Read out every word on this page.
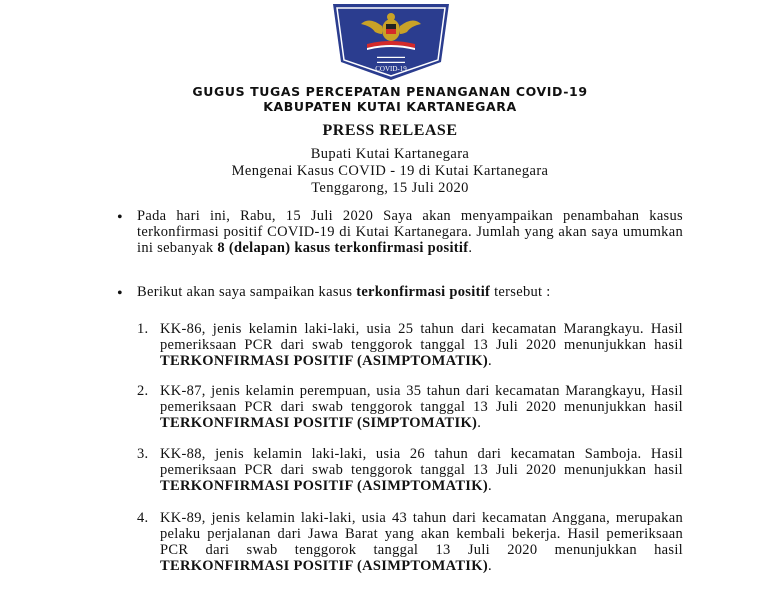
▬▬▬▬▬▬▬
▬▬▬▬▬▬▬
COVID-19
GUGUS TUGAS PERCEPATAN PENANGANAN COVID-19
KABUPATEN KUTAI KARTANEGARA
PRESS RELEASE
Bupati Kutai Kartanegara
Mengenai Kasus COVID - 19 di Kutai Kartanegara
Tenggarong, 15 Juli 2020
• Pada hari ini, Rabu, 15 Juli 2020 Saya akan menyampaikan penambahan kasus terkonfirmasi positif COVID-19 di Kutai Kartanegara. Jumlah yang akan saya umumkan ini sebanyak 8 (delapan) kasus terkonfirmasi positif.
• Berikut akan saya sampaikan kasus terkonfirmasi positif tersebut :
1. KK-86, jenis kelamin laki-laki, usia 25 tahun dari kecamatan Marangkayu. Hasil pemeriksaan PCR dari swab tenggorok tanggal 13 Juli 2020 menunjukkan hasil TERKONFIRMASI POSITIF (ASIMPTOMATIK).
2. KK-87, jenis kelamin perempuan, usia 35 tahun dari kecamatan Marangkayu, Hasil pemeriksaan PCR dari swab tenggorok tanggal 13 Juli 2020 menunjukkan hasil TERKONFIRMASI POSITIF (SIMPTOMATIK).
3. KK-88, jenis kelamin laki-laki, usia 26 tahun dari kecamatan Samboja. Hasil pemeriksaan PCR dari swab tenggorok tanggal 13 Juli 2020 menunjukkan hasil TERKONFIRMASI POSITIF (ASIMPTOMATIK).
4. KK-89, jenis kelamin laki-laki, usia 43 tahun dari kecamatan Anggana, merupakan pelaku perjalanan dari Jawa Barat yang akan kembali bekerja. Hasil pemeriksaan PCR dari swab tenggorok tanggal 13 Juli 2020 menunjukkan hasil TERKONFIRMASI POSITIF (ASIMPTOMATIK).
